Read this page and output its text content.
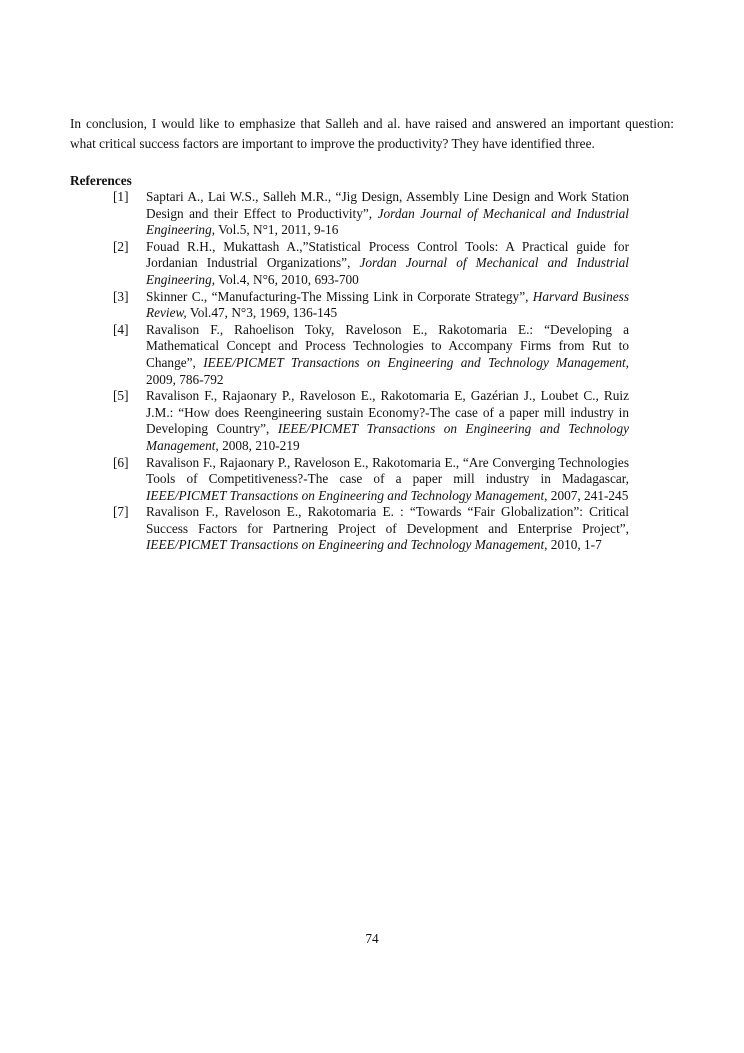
In conclusion, I would like to emphasize that Salleh and al. have raised and answered an important question: what critical success factors are important to improve the productivity? They have identified three.

References
[1]	Saptari A., Lai W.S., Salleh M.R., “Jig Design, Assembly Line Design and Work Station Design and their Effect to Productivity”, Jordan Journal of Mechanical and Industrial Engineering, Vol.5, N°1, 2011, 9-16
[2]	Fouad R.H., Mukattash A.,”Statistical Process Control Tools: A Practical guide for Jordanian Industrial Organizations”, Jordan Journal of Mechanical and Industrial Engineering, Vol.4, N°6, 2010, 693-700
[3]	Skinner C., “Manufacturing-The Missing Link in Corporate Strategy”, Harvard Business Review, Vol.47, N°3, 1969, 136-145
[4]	Ravalison F., Rahoelison Toky, Raveloson E., Rakotomaria E.: “Developing a Mathematical Concept and Process Technologies to Accompany Firms from Rut to Change”, IEEE/PICMET Transactions on Engineering and Technology Management, 2009, 786-792
[5]	Ravalison F., Rajaonary P., Raveloson E., Rakotomaria E, Gazérian J., Loubet C., Ruiz J.M.: “How does Reengineering sustain Economy?-The case of a paper mill industry in Developing Country”, IEEE/PICMET Transactions on Engineering and Technology Management, 2008, 210-219
[6]	Ravalison F., Rajaonary P., Raveloson E., Rakotomaria E., “Are Converging Technologies Tools of Competitiveness?-The case of a paper mill industry in Madagascar, IEEE/PICMET Transactions on Engineering and Technology Management, 2007, 241-245
[7]	Ravalison F., Raveloson E., Rakotomaria E. : “Towards “Fair Globalization”: Critical Success Factors for Partnering Project of Development and Enterprise Project”, IEEE/PICMET Transactions on Engineering and Technology Management, 2010, 1-7
74
